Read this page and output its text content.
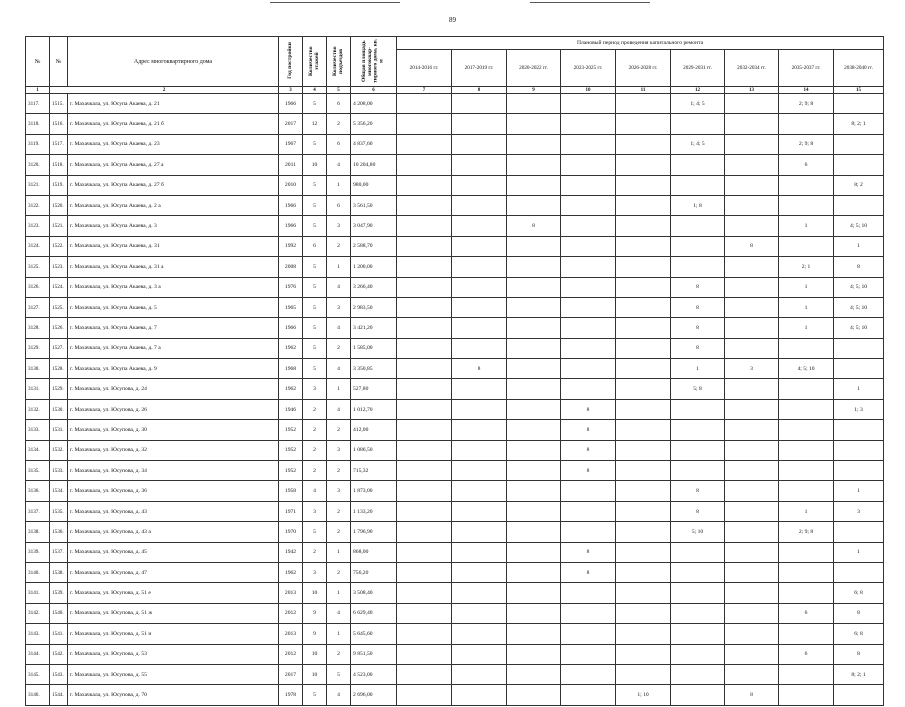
89
№	№	Адрес многоквартирного дома	Год постройки	Количество этажей	Количество подъездов	Общая площадь многоквар-тирного дома, кв. м	Плановый период проведения капитального ремонта								
							2014-2016 гг.	2017-2019 гг.	2020-2022 гг.	2023-2025 гг.	2026-2028 гг.	2029-2031 гг.	2032-2034 гг.	2035-2037 гг.	2038-2040 гг.
1	2		3	4	5	6	7	8	9	10	11	12	13	14	15
3117.	1515.	г. Махачкала, ул. Юсупа Акаева, д. 21	1966	5	6	4 208,00						1; 4; 5		2; 9; 8	
3118.	1516.	г. Махачкала, ул. Юсупа Акаева, д. 21 б	2017	12	2	5 356,20									8; 2; 1
3119.	1517.	г. Махачкала, ул. Юсупа Акаева, д. 23	1967	5	6	4 837,60						1; 4; 5		2; 9; 8	
3120.	1518.	г. Махачкала, ул. Юсупа Акаева, д. 27 а	2011	10	4	10 204,80								6	
3121.	1519.	г. Махачкала, ул. Юсупа Акаева, д. 27 б	2010	5	1	980,00									8; 2
3122.	1520.	г. Махачкала, ул. Юсупа Акаева, д. 2 а	1966	5	6	3 561,50						1; 8			
3123.	1521.	г. Махачкала, ул. Юсупа Акаева, д. 3	1966	5	3	3 047,90			8					1	4; 5; 10
3124.	1522.	г. Махачкала, ул. Юсупа Акаева, д. 31	1992	6	2	2 588,70							8		1
3125.	1523.	г. Махачкала, ул. Юсупа Акаева, д. 31 а	2008	5	1	1 200,00								2; 1	8
3126.	1524.	г. Махачкала, ул. Юсупа Акаева, д. 3 а	1976	5	4	3 266,40						8		1	4; 5; 10
3127.	1525.	г. Махачкала, ул. Юсупа Акаева, д. 5	1965	5	3	2 983,50						8		1	4; 5; 10
3128.	1526.	г. Махачкала, ул. Юсупа Акаева, д. 7	1966	5	4	3 421,20						8		1	4; 5; 10
3129.	1527.	г. Махачкала, ул. Юсупа Акаева, д. 7 а	1962	5	2	1 585,00						8			
3130.	1528.	г. Махачкала, ул. Юсупа Акаева, д. 9	1968	5	4	3 350,85		8				1	3	4; 5; 10	
3131.	1529.	г. Махачкала, ул. Юсупова, д. 24	1962	3	1	527,80						5; 8			1
3132.	1530.	г. Махачкала, ул. Юсупова, д. 26	1946	2	4	1 012,70				8					1; 3
3133.	1531.	г. Махачкала, ул. Юсупова, д. 30	1952	2	2	412,00				8					
3134.	1532.	г. Махачкала, ул. Юсупова, д. 32	1952	2	3	1 086,50				8					
3135.	1533.	г. Махачкала, ул. Юсупова, д. 34	1952	2	2	715,32				8					
3136.	1534.	г. Махачкала, ул. Юсупова, д. 36	1958	4	3	1 873,00						8			1
3137.	1535.	г. Махачкала, ул. Юсупова, д. 43	1971	3	2	1 133,20						8		1	3
3138.	1536.	г. Махачкала, ул. Юсупова, д. 43 а	1970	5	2	1 796,90						5; 10		2; 9; 8	
3139.	1537.	г. Махачкала, ул. Юсупова, д. 45	1942	2	1	868,00				8					1
3140.	1538.	г. Махачкала, ул. Юсупова, д. 47	1962	3	2	756,20				8					
3141.	1539.	г. Махачкала, ул. Юсупова, д. 51 е	2013	10	1	3 508,40									6; 8
3142.	1540.	г. Махачкала, ул. Юсупова, д. 51 ж	2012	9	4	6 629,40								6	8
3143.	1541.	г. Махачкала, ул. Юсупова, д. 51 и	2013	9	1	5 645,60									6; 8
3144.	1542.	г. Махачкала, ул. Юсупова, д. 53	2012	10	2	9 851,50								6	8
3145.	1543.	г. Махачкала, ул. Юсупова, д. 55	2017	10	5	4 523,00									8; 2; 1
3146.	1544.	г. Махачкала, ул. Юсупова, д. 70	1978	5	4	2 696,00					1; 10		8		
